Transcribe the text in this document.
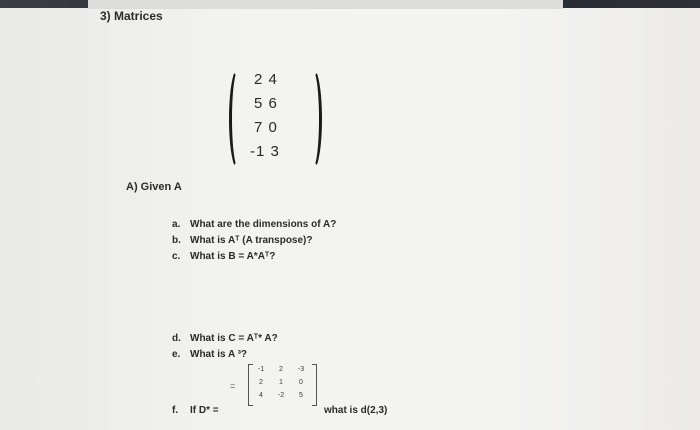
3) Matrices
2 4
5 6
7 0
-1 3
A) Given A
a. What are the dimensions of A?
b. What is Aᵀ (A transpose)?
c. What is B = A*Aᵀ?
d. What is C = Aᵀ* A?
e. What is A ³?
=
-1	2	-3
2	1	0
4	-2	5
f. If D* =	what is d(2,3)
